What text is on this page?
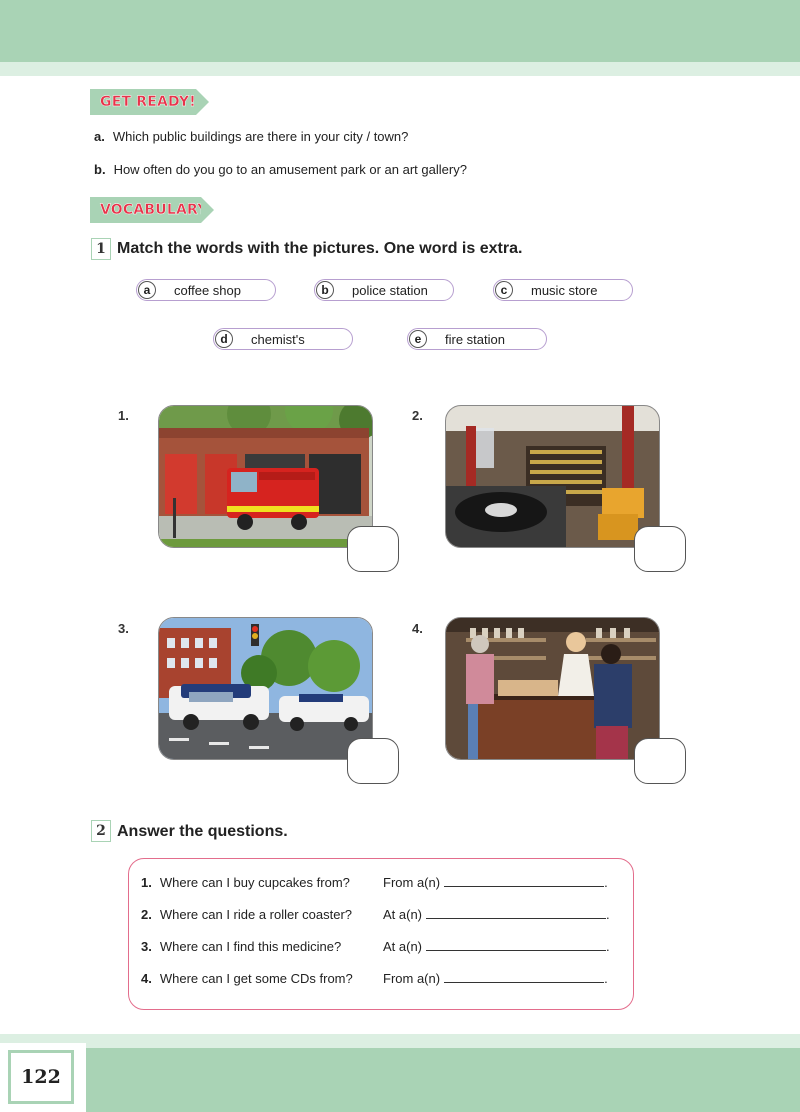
GET READY!
a. Which public buildings are there in your city / town?
b. How often do you go to an amusement park or an art gallery?
VOCABULARY
1 Match the words with the pictures. One word is extra.
a	coffee shop	b	police station	c	music store
d	chemist's	e	fire station
1.	2.
3.	4.
2 Answer the questions.
1. Where can I buy cupcakes from?	From a(n)	.
2. Where can I ride a roller coaster? At a(n)	.
3. Where can I find this medicine?	At a(n)	.
4. Where can I get some CDs from? From a(n)	.
122
